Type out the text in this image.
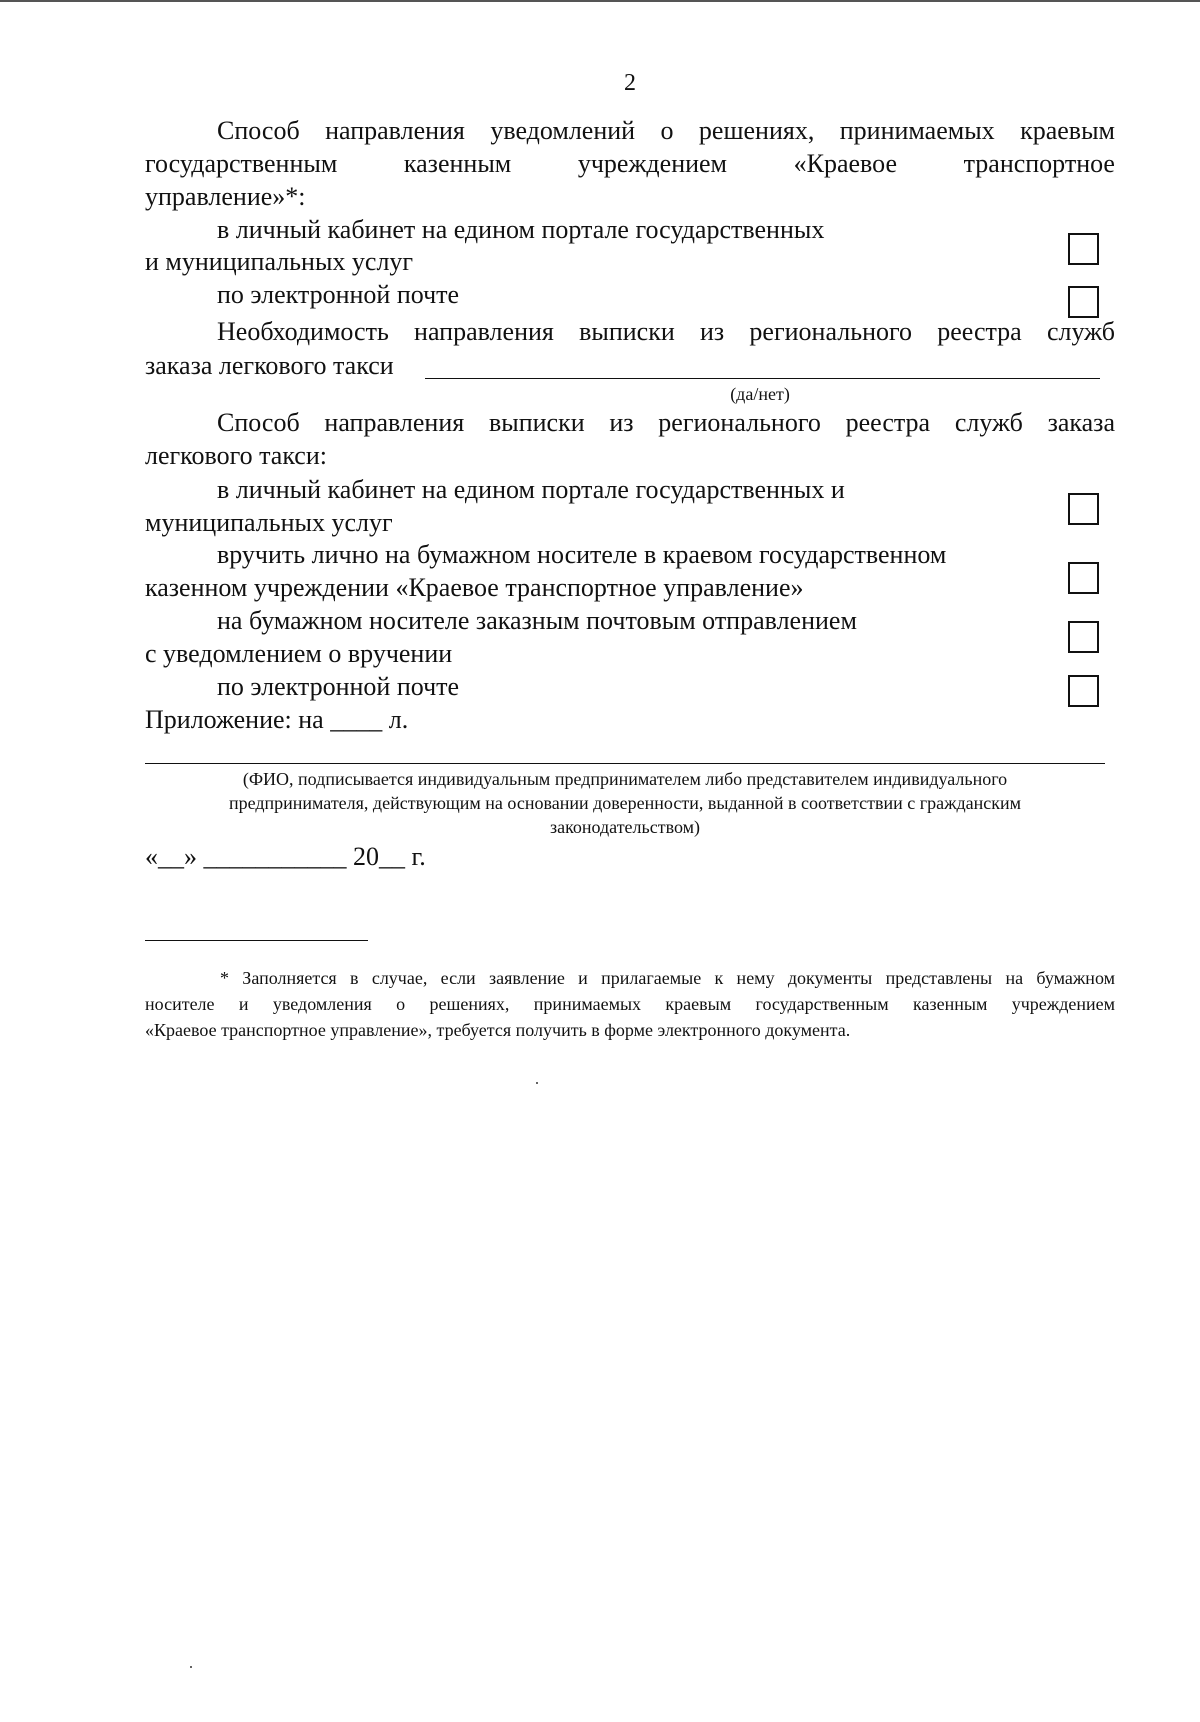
2
Способ направления уведомлений о решениях, принимаемых краевым
государственным	казенным	учреждением	«Краевое	транспортное
управление»*:
в личный кабинет на едином портале государственных
и муниципальных услуг
по электронной почте
Необходимость направления выписки из регионального реестра служб
заказа легкового такси
(да/нет)
Способ направления выписки из регионального реестра служб заказа
легкового такси:
в личный кабинет на едином портале государственных и
муниципальных услуг
вручить лично на бумажном носителе в краевом государственном
казенном учреждении «Краевое транспортное управление»
на бумажном носителе заказным почтовым отправлением
с уведомлением о вручении
по электронной почте
Приложение: на ____ л.
(ФИО, подписывается индивидуальным предпринимателем либо представителем индивидуального
предпринимателя, действующим на основании доверенности, выданной в соответствии с гражданским
законодательством)
«__» ___________ 20__ г.
* Заполняется в случае, если заявление и прилагаемые к нему документы представлены на бумажном
носителе и уведомления о решениях, принимаемых краевым государственным казенным учреждением
«Краевое транспортное управление», требуется получить в форме электронного документа.
